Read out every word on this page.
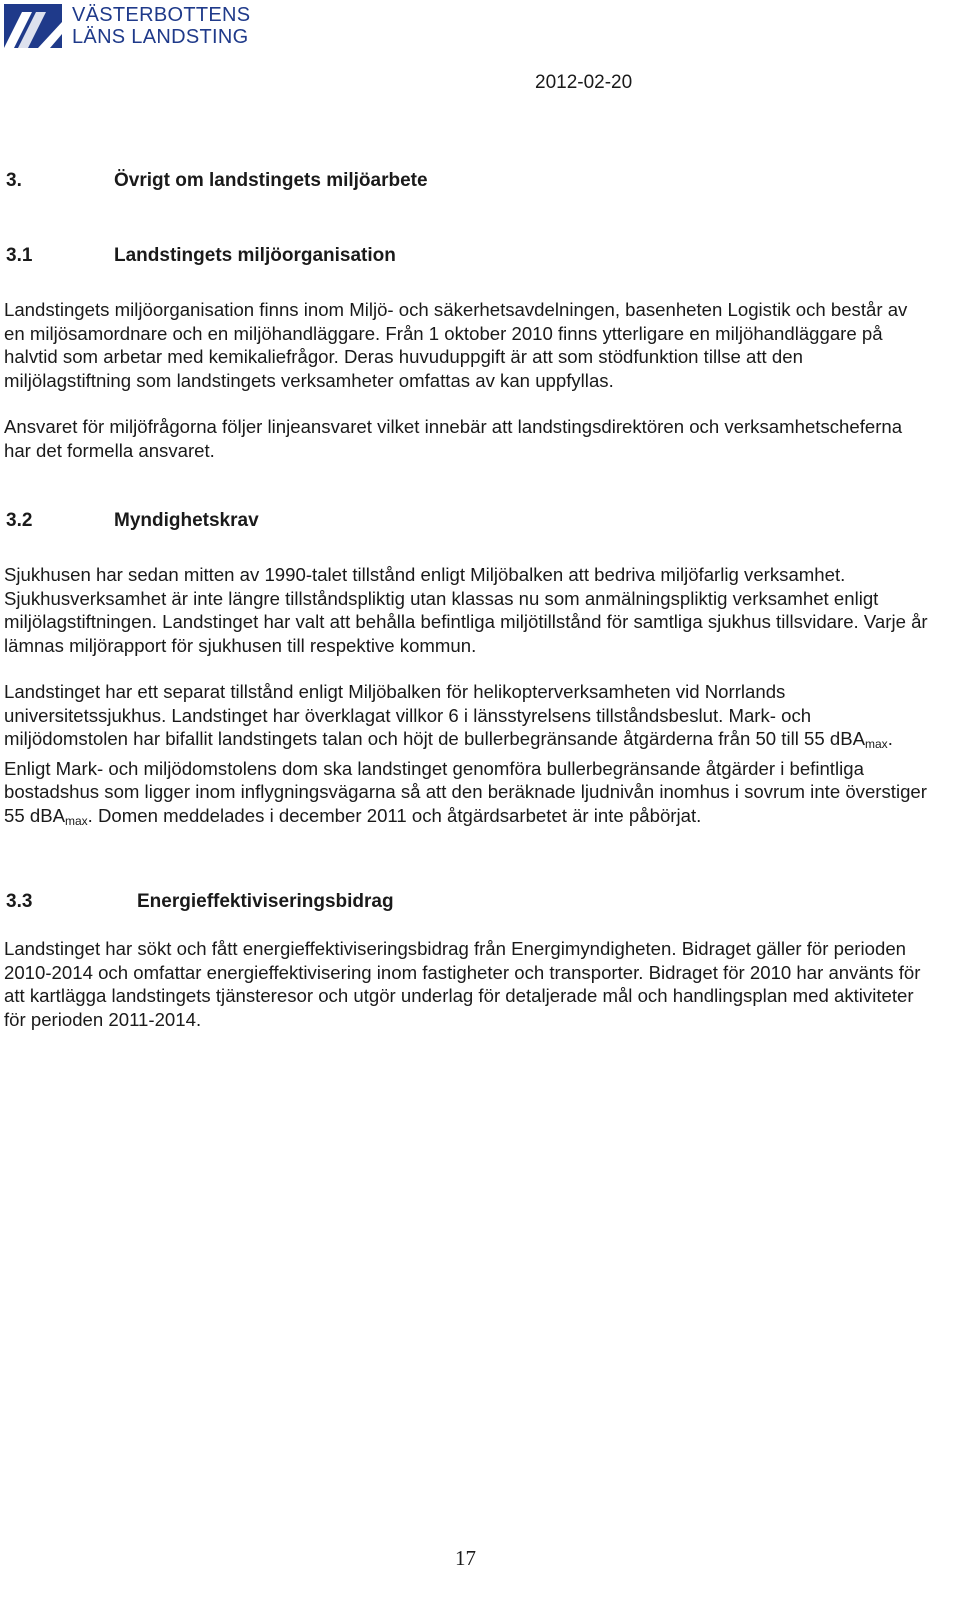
VÄSTERBOTTENS
LÄNS LANDSTING
2012-02-20
3.	Övrigt om landstingets miljöarbete
3.1	Landstingets miljöorganisation

Landstingets miljöorganisation finns inom Miljö- och säkerhetsavdelningen, basenheten Logistik och består av en miljösamordnare och en miljöhandläggare. Från 1 oktober 2010 finns ytterligare en miljöhandläggare på halvtid som arbetar med kemikaliefrågor. Deras huvuduppgift är att som stödfunktion tillse att den miljölagstiftning som landstingets verksamheter omfattas av kan uppfyllas.

Ansvaret för miljöfrågorna följer linjeansvaret vilket innebär att landstingsdirektören och verksamhetscheferna har det formella ansvaret.

3.2	Myndighetskrav

Sjukhusen har sedan mitten av 1990-talet tillstånd enligt Miljöbalken att bedriva miljöfarlig verksamhet. Sjukhusverksamhet är inte längre tillståndspliktig utan klassas nu som anmälningspliktig verksamhet enligt miljölagstiftningen. Landstinget har valt att behålla befintliga miljötillstånd för samtliga sjukhus tillsvidare. Varje år lämnas miljörapport för sjukhusen till respektive kommun.

Landstinget har ett separat tillstånd enligt Miljöbalken för helikopterverksamheten vid Norrlands universitetssjukhus. Landstinget har överklagat villkor 6 i länsstyrelsens tillståndsbeslut. Mark- och miljödomstolen har bifallit landstingets talan och höjt de bullerbegränsande åtgärderna från 50 till 55 dBA$_{max}$. Enligt Mark- och miljödomstolens dom ska landstinget genomföra bullerbegränsande åtgärder i befintliga bostadshus som ligger inom inflygningsvägarna så att den beräknade ljudnivån inomhus i sovrum inte överstiger 55 dBA$_{max}$. Domen meddelades i december 2011 och åtgärdsarbetet är inte påbörjat.

3.3	Energieffektiviseringsbidrag

Landstinget har sökt och fått energieffektiviseringsbidrag från Energimyndigheten. Bidraget gäller för perioden 2010-2014 och omfattar energieffektivisering inom fastigheter och transporter. Bidraget för 2010 har använts för att kartlägga landstingets tjänsteresor och utgör underlag för detaljerade mål och handlingsplan med aktiviteter för perioden 2011-2014.

17
